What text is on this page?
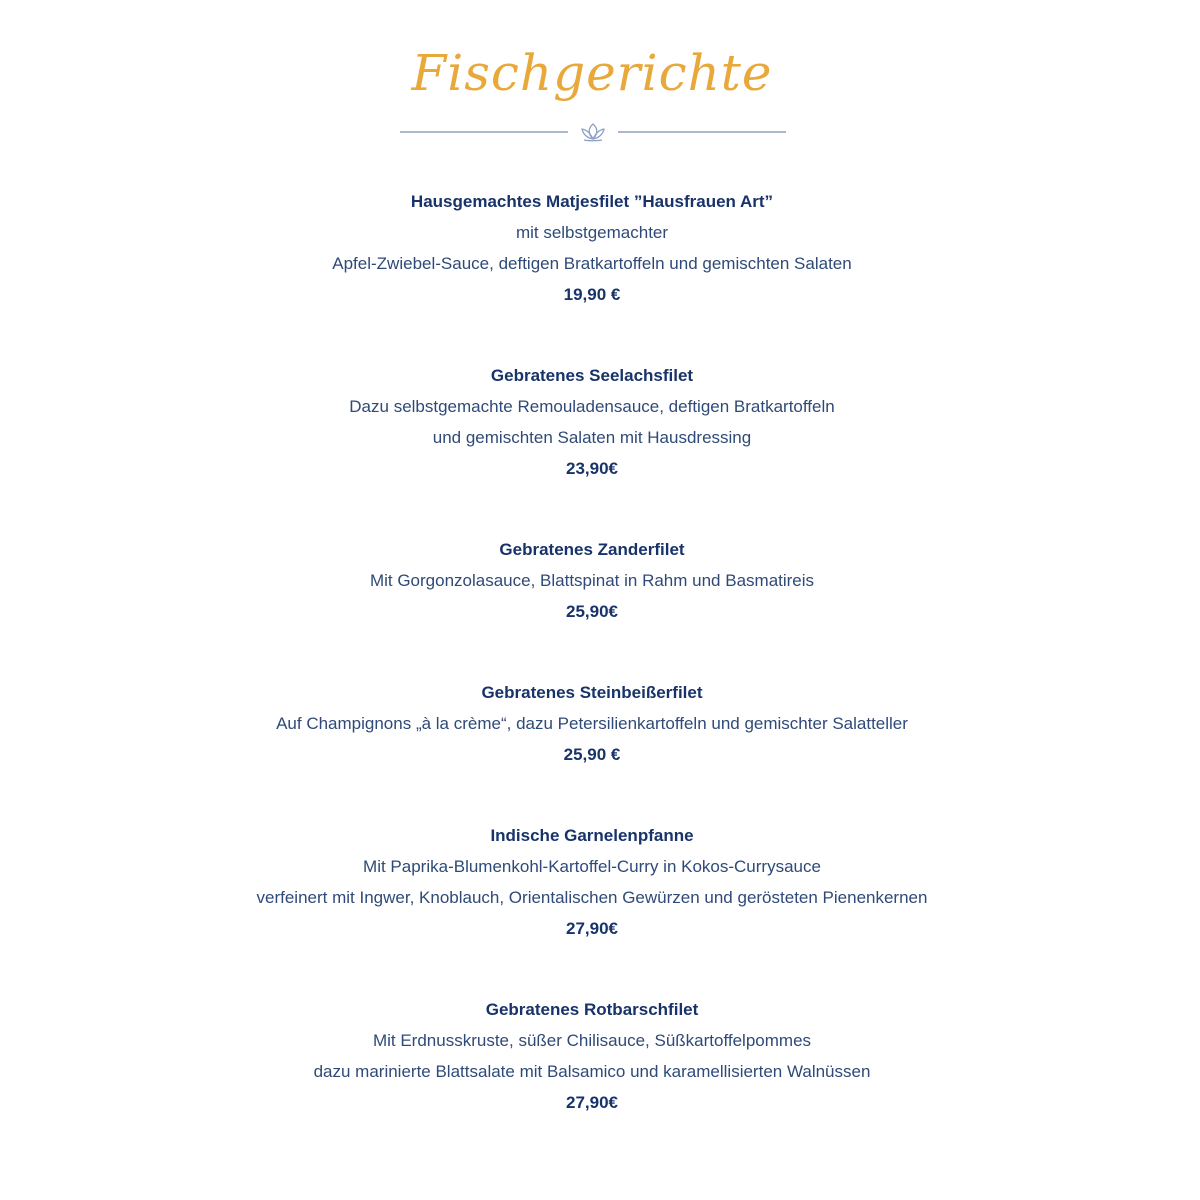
Fischgerichte
Hausgemachtes Matjesfilet ”Hausfrauen Art”
mit selbstgemachter
Apfel-Zwiebel-Sauce, deftigen Bratkartoffeln und gemischten Salaten
19,90 €
Gebratenes Seelachsfilet
Dazu selbstgemachte Remouladensauce, deftigen Bratkartoffeln
und gemischten Salaten mit Hausdressing
23,90€
Gebratenes Zanderfilet
Mit Gorgonzolasauce, Blattspinat in Rahm und Basmatireis
25,90€
Gebratenes Steinbeißerfilet
Auf Champignons „à la crème“, dazu Petersilienkartoffeln und gemischter Salatteller
25,90 €
Indische Garnelenpfanne
Mit Paprika-Blumenkohl-Kartoffel-Curry in Kokos-Currysauce
verfeinert mit Ingwer, Knoblauch, Orientalischen Gewürzen und gerösteten Pienenkernen
27,90€
Gebratenes Rotbarschfilet
Mit Erdnusskruste, süßer Chilisauce, Süßkartoffelpommes
dazu marinierte Blattsalate mit Balsamico und karamellisierten Walnüssen
27,90€
